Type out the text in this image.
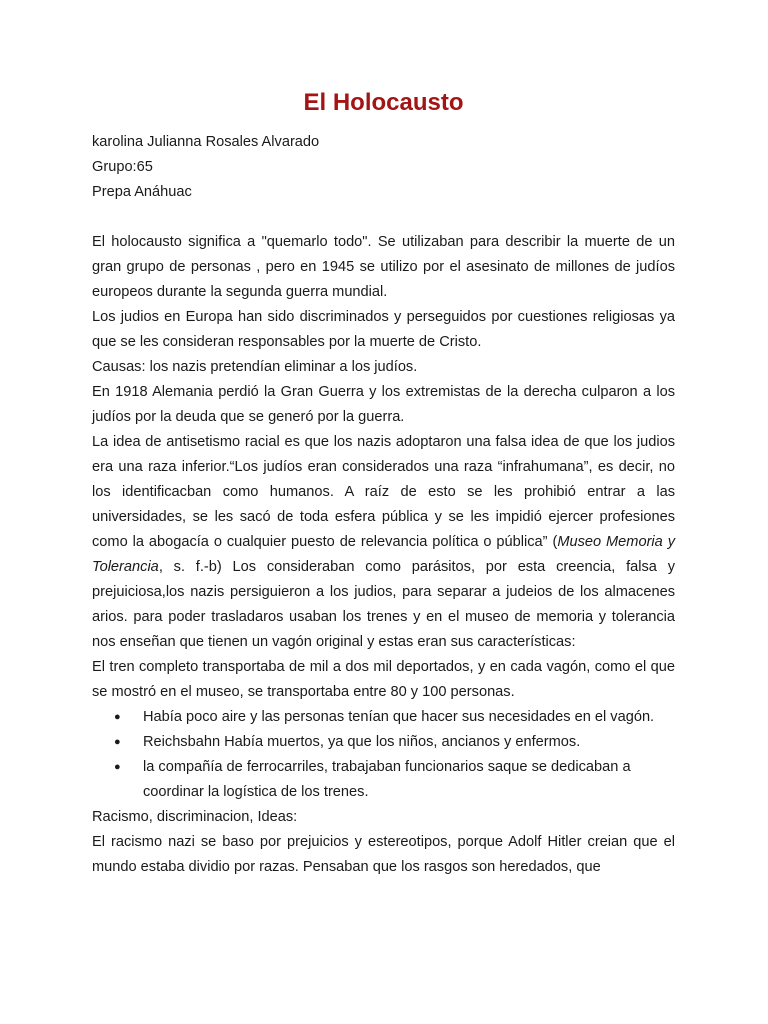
El Holocausto

karolina Julianna Rosales Alvarado

Grupo:65

Prepa Anáhuac

El holocausto significa a "quemarlo todo". Se utilizaban para describir la muerte de un gran grupo de personas , pero en 1945 se utilizo por el asesinato de millones de judíos europeos durante la segunda guerra mundial.

Los judios en Europa han sido discriminados y perseguidos por cuestiones religiosas ya que se les consideran responsables por la muerte de Cristo.

Causas: los nazis pretendían eliminar a los judíos.

En 1918 Alemania perdió la Gran Guerra y los extremistas de la derecha culparon a los judíos por la deuda que se generó por la guerra.

La idea de antisetismo racial es que los nazis adoptaron una falsa idea de que los judios era una raza inferior.“Los judíos eran considerados una raza “infrahumana”, es decir, no los identificacban como humanos. A raíz de esto se les prohibió entrar a las universidades, se les sacó de toda esfera pública y se les impidió ejercer profesiones como la abogacía o cualquier puesto de relevancia política o pública” (Museo Memoria y Tolerancia, s. f.-b) Los consideraban como parásitos, por esta creencia, falsa y prejuiciosa,los nazis persiguieron a los judios, para separar a judeios de los almacenes arios. para poder trasladaros usaban los trenes y en el museo de memoria y tolerancia nos enseñan que tienen un vagón original y estas eran sus características:

El tren completo transportaba de mil a dos mil deportados, y en cada vagón, como el que se mostró en el museo, se transportaba entre 80 y 100 personas.

● Había poco aire y las personas tenían que hacer sus necesidades en el vagón.
● Reichsbahn Había muertos, ya que los niños, ancianos y enfermos.
● la compañía de ferrocarriles, trabajaban funcionarios saque se dedicaban a coordinar la logística de los trenes.

Racismo, discriminacion, Ideas:

El racismo nazi se baso por prejuicios y estereotipos, porque Adolf Hitler creian que el mundo estaba dividio por razas. Pensaban que los rasgos son heredados, que
